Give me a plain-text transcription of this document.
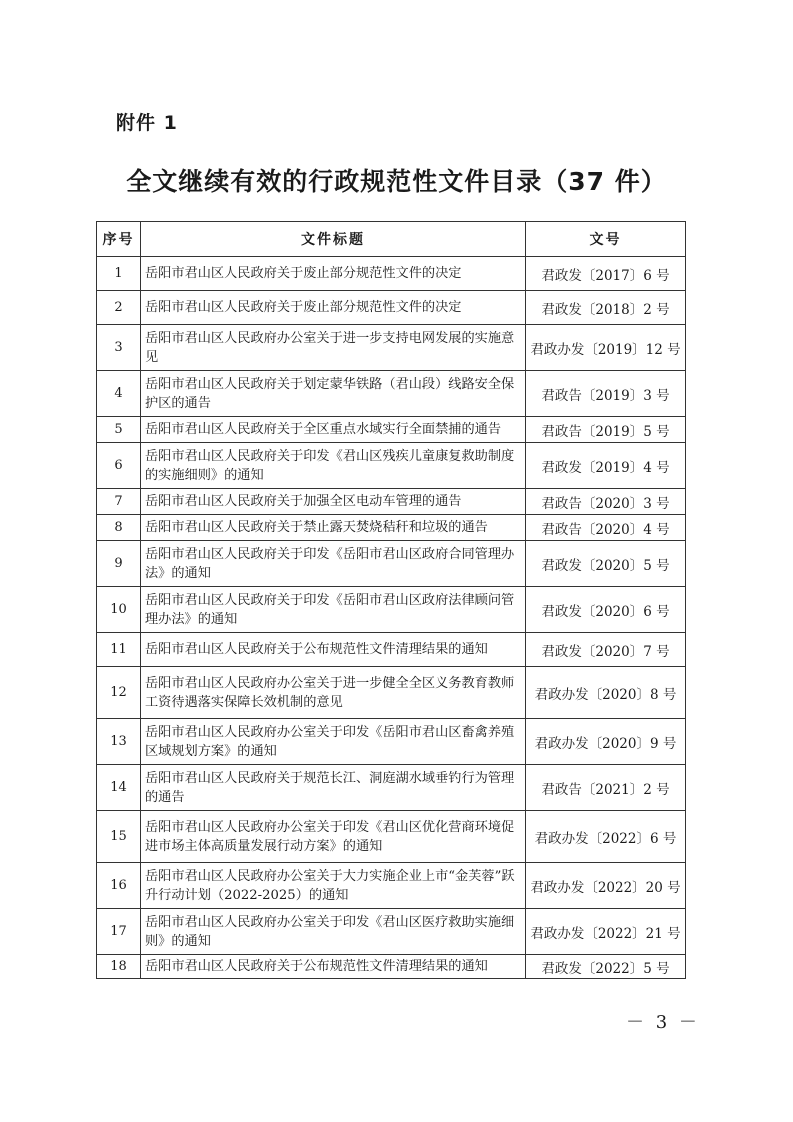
附件 1
全文继续有效的行政规范性文件目录（37 件）
序号	文件标题	文号
1	岳阳市君山区人民政府关于废止部分规范性文件的决定	君政发〔2017〕6 号
2	岳阳市君山区人民政府关于废止部分规范性文件的决定	君政发〔2018〕2 号
3	岳阳市君山区人民政府办公室关于进一步支持电网发展的实施意见	君政办发〔2019〕12 号
4	岳阳市君山区人民政府关于划定蒙华铁路（君山段）线路安全保护区的通告	君政告〔2019〕3 号
5	岳阳市君山区人民政府关于全区重点水域实行全面禁捕的通告	君政告〔2019〕5 号
6	岳阳市君山区人民政府关于印发《君山区残疾儿童康复救助制度的实施细则》的通知	君政发〔2019〕4 号
7	岳阳市君山区人民政府关于加强全区电动车管理的通告	君政告〔2020〕3 号
8	岳阳市君山区人民政府关于禁止露天焚烧秸秆和垃圾的通告	君政告〔2020〕4 号
9	岳阳市君山区人民政府关于印发《岳阳市君山区政府合同管理办法》的通知	君政发〔2020〕5 号
10	岳阳市君山区人民政府关于印发《岳阳市君山区政府法律顾问管理办法》的通知	君政发〔2020〕6 号
11	岳阳市君山区人民政府关于公布规范性文件清理结果的通知	君政发〔2020〕7 号
12	岳阳市君山区人民政府办公室关于进一步健全全区义务教育教师工资待遇落实保障长效机制的意见	君政办发〔2020〕8 号
13	岳阳市君山区人民政府办公室关于印发《岳阳市君山区畜禽养殖区域规划方案》的通知	君政办发〔2020〕9 号
14	岳阳市君山区人民政府关于规范长江、洞庭湖水域垂钓行为管理的通告	君政告〔2021〕2 号
15	岳阳市君山区人民政府办公室关于印发《君山区优化营商环境促进市场主体高质量发展行动方案》的通知	君政办发〔2022〕6 号
16	岳阳市君山区人民政府办公室关于大力实施企业上市“金芙蓉”跃升行动计划（2022-2025）的通知	君政办发〔2022〕20 号
17	岳阳市君山区人民政府办公室关于印发《君山区医疗救助实施细则》的通知	君政办发〔2022〕21 号
18	岳阳市君山区人民政府关于公布规范性文件清理结果的通知	君政发〔2022〕5 号
－ 3 －
